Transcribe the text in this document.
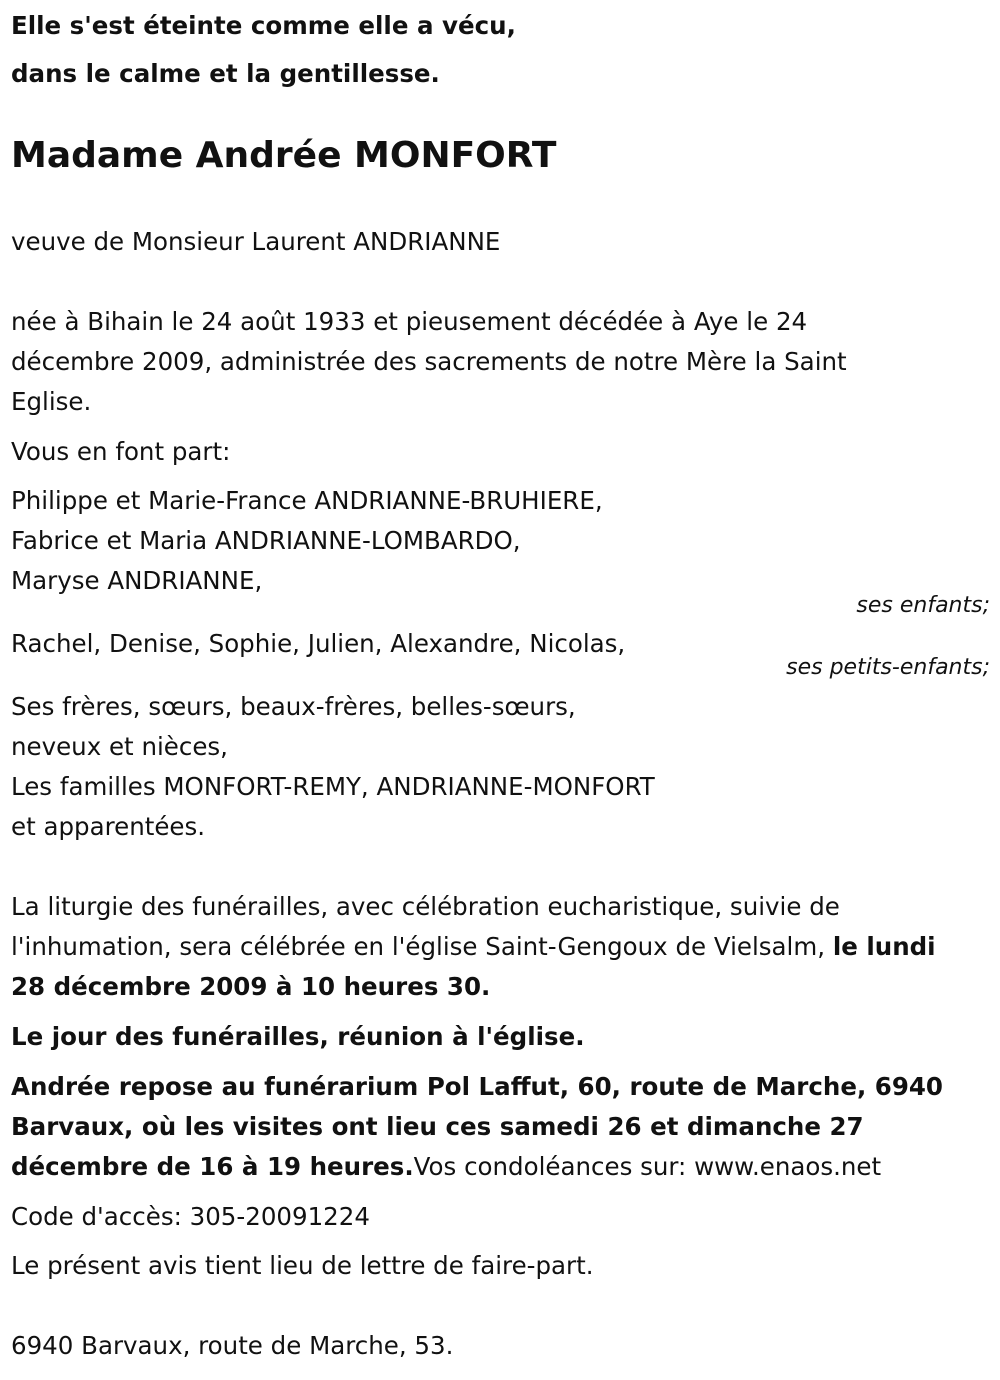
Elle s'est éteinte comme elle a vécu,

dans le calme et la gentillesse.

Madame Andrée MONFORT

veuve de Monsieur Laurent ANDRIANNE

née à Bihain le 24 août 1933 et pieusement décédée à Aye le 24

décembre 2009, administrée des sacrements de notre Mère la Saint

Eglise.

Vous en font part:

Philippe et Marie-France ANDRIANNE-BRUHIERE,

Fabrice et Maria ANDRIANNE-LOMBARDO,

Maryse ANDRIANNE,

ses enfants;

Rachel, Denise, Sophie, Julien, Alexandre, Nicolas,

ses petits-enfants;

Ses frères, sœurs, beaux-frères, belles-sœurs,

neveux et nièces,

Les familles MONFORT-REMY, ANDRIANNE-MONFORT

et apparentées.

La liturgie des funérailles, avec célébration eucharistique, suivie de

l'inhumation, sera célébrée en l'église Saint-Gengoux de Vielsalm, le lundi

28 décembre 2009 à 10 heures 30.

Le jour des funérailles, réunion à l'église.

Andrée repose au funérarium Pol Laffut, 60, route de Marche, 6940

Barvaux, où les visites ont lieu ces samedi 26 et dimanche 27

décembre de 16 à 19 heures.Vos condoléances sur: www.enaos.net

Code d'accès: 305-20091224

Le présent avis tient lieu de lettre de faire-part.

6940 Barvaux, route de Marche, 53.
